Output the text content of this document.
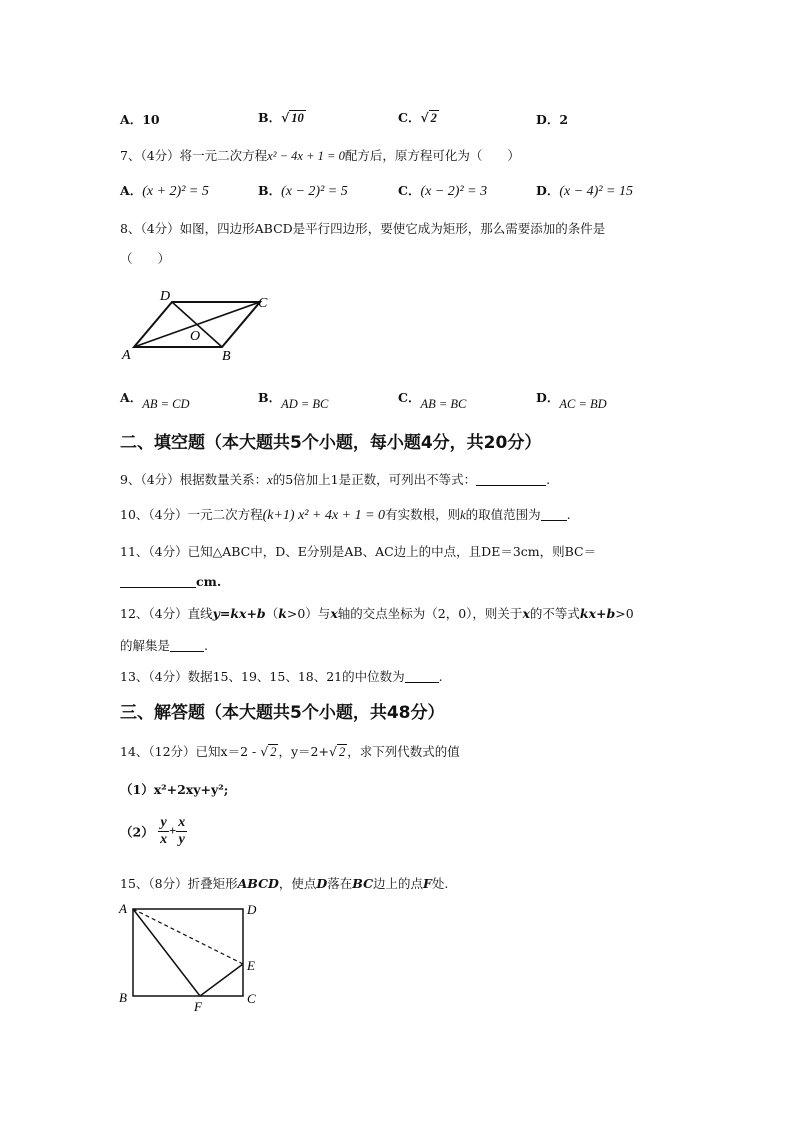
A．10	B．√ 10	C．√ 2	D．2
7、（4分）将一元二次方程x² − 4x + 1 = 0配方后，原方程可化为（　　）
A．(x + 2)² = 5	B．(x − 2)² = 5	C．(x − 2)² = 3	D．(x − 4)² = 15
8、（4分）如图，四边形ABCD是平行四边形，要使它成为矩形，那么需要添加的条件是
（　　）
A	B
C
D
O
A．AB = CD	B．AD = BC	C．AB = BC	D．AC = BD
二、填空题（本大题共5个小题，每小题4分，共20分）
9、（4分）根据数量关系：x的5倍加上1是正数，可列出不等式：	.
10、（4分）一元二次方程(k+1) x² + 4x + 1 = 0有实数根，则k的取值范围为 .
11、（4分）已知△ABC中，D、E分别是AB、AC边上的中点，且DE＝3cm，则BC＝
cm.
12、（4分）直线y=kx+b（k>0）与x轴的交点坐标为（2，0），则关于x的不等式kx+b>0
的解集是	.
13、（4分）数据15、19、15、18、21的中位数为	.
三、解答题（本大题共5个小题，共48分）
14、（12分）已知x＝2 - √ 2 ，y＝2+√ 2 ，求下列代数式的值
（1）x²+2xy+y²;
$(2) \frac{y}{x} + \frac{x}{y}$
15、（8分）折叠矩形ABCD，使点D落在BC边上的点F处.
A	D
E
B	C
F
